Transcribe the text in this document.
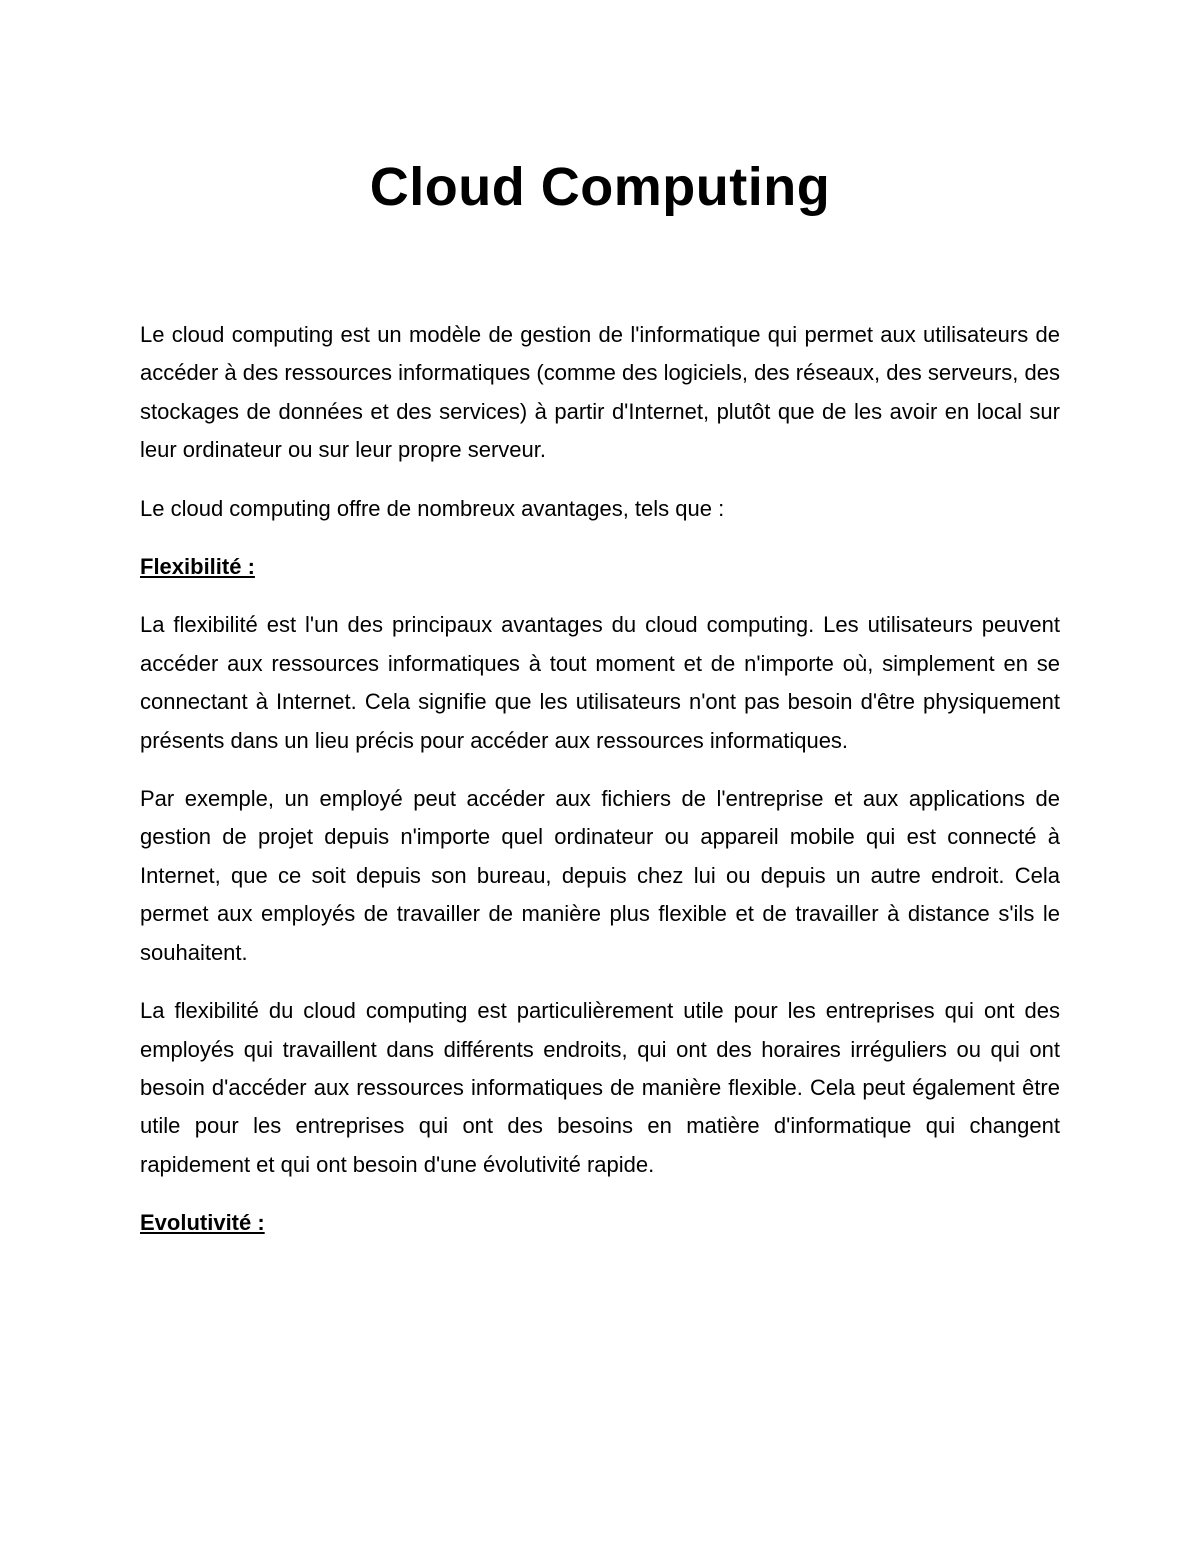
Cloud Computing

Le cloud computing est un modèle de gestion de l'informatique qui permet aux utilisateurs de accéder à des ressources informatiques (comme des logiciels, des réseaux, des serveurs, des stockages de données et des services) à partir d'Internet, plutôt que de les avoir en local sur leur ordinateur ou sur leur propre serveur.

Le cloud computing offre de nombreux avantages, tels que :

Flexibilité :

La flexibilité est l'un des principaux avantages du cloud computing. Les utilisateurs peuvent accéder aux ressources informatiques à tout moment et de n'importe où, simplement en se connectant à Internet. Cela signifie que les utilisateurs n'ont pas besoin d'être physiquement présents dans un lieu précis pour accéder aux ressources informatiques.

Par exemple, un employé peut accéder aux fichiers de l'entreprise et aux applications de gestion de projet depuis n'importe quel ordinateur ou appareil mobile qui est connecté à Internet, que ce soit depuis son bureau, depuis chez lui ou depuis un autre endroit. Cela permet aux employés de travailler de manière plus flexible et de travailler à distance s'ils le souhaitent.

La flexibilité du cloud computing est particulièrement utile pour les entreprises qui ont des employés qui travaillent dans différents endroits, qui ont des horaires irréguliers ou qui ont besoin d'accéder aux ressources informatiques de manière flexible. Cela peut également être utile pour les entreprises qui ont des besoins en matière d'informatique qui changent rapidement et qui ont besoin d'une évolutivité rapide.

Evolutivité :
